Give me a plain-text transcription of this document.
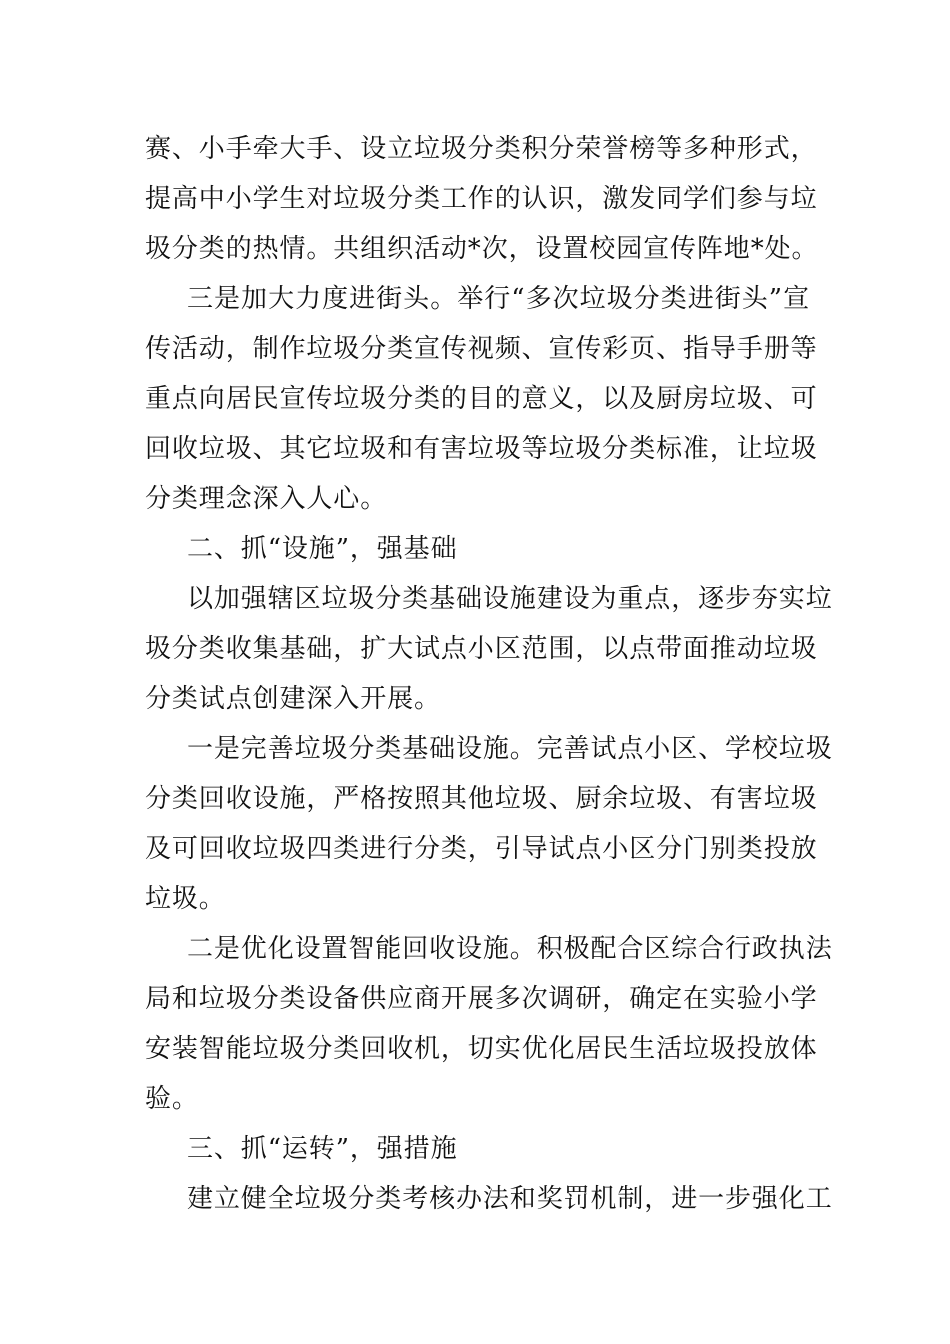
赛、小手牵大手、设立垃圾分类积分荣誉榜等多种形式，
提高中小学生对垃圾分类工作的认识，激发同学们参与垃
圾分类的热情。共组织活动*次，设置校园宣传阵地*处。
三是加大力度进街头。举行“多次垃圾分类进街头”宣
传活动，制作垃圾分类宣传视频、宣传彩页、指导手册等
重点向居民宣传垃圾分类的目的意义，以及厨房垃圾、可
回收垃圾、其它垃圾和有害垃圾等垃圾分类标准，让垃圾
分类理念深入人心。
二、抓“设施”，强基础
以加强辖区垃圾分类基础设施建设为重点，逐步夯实垃
圾分类收集基础，扩大试点小区范围，以点带面推动垃圾
分类试点创建深入开展。
一是完善垃圾分类基础设施。完善试点小区、学校垃圾
分类回收设施，严格按照其他垃圾、厨余垃圾、有害垃圾
及可回收垃圾四类进行分类，引导试点小区分门别类投放
垃圾。
二是优化设置智能回收设施。积极配合区综合行政执法
局和垃圾分类设备供应商开展多次调研，确定在实验小学
安装智能垃圾分类回收机，切实优化居民生活垃圾投放体
验。
三、抓“运转”，强措施
建立健全垃圾分类考核办法和奖罚机制，进一步强化工
